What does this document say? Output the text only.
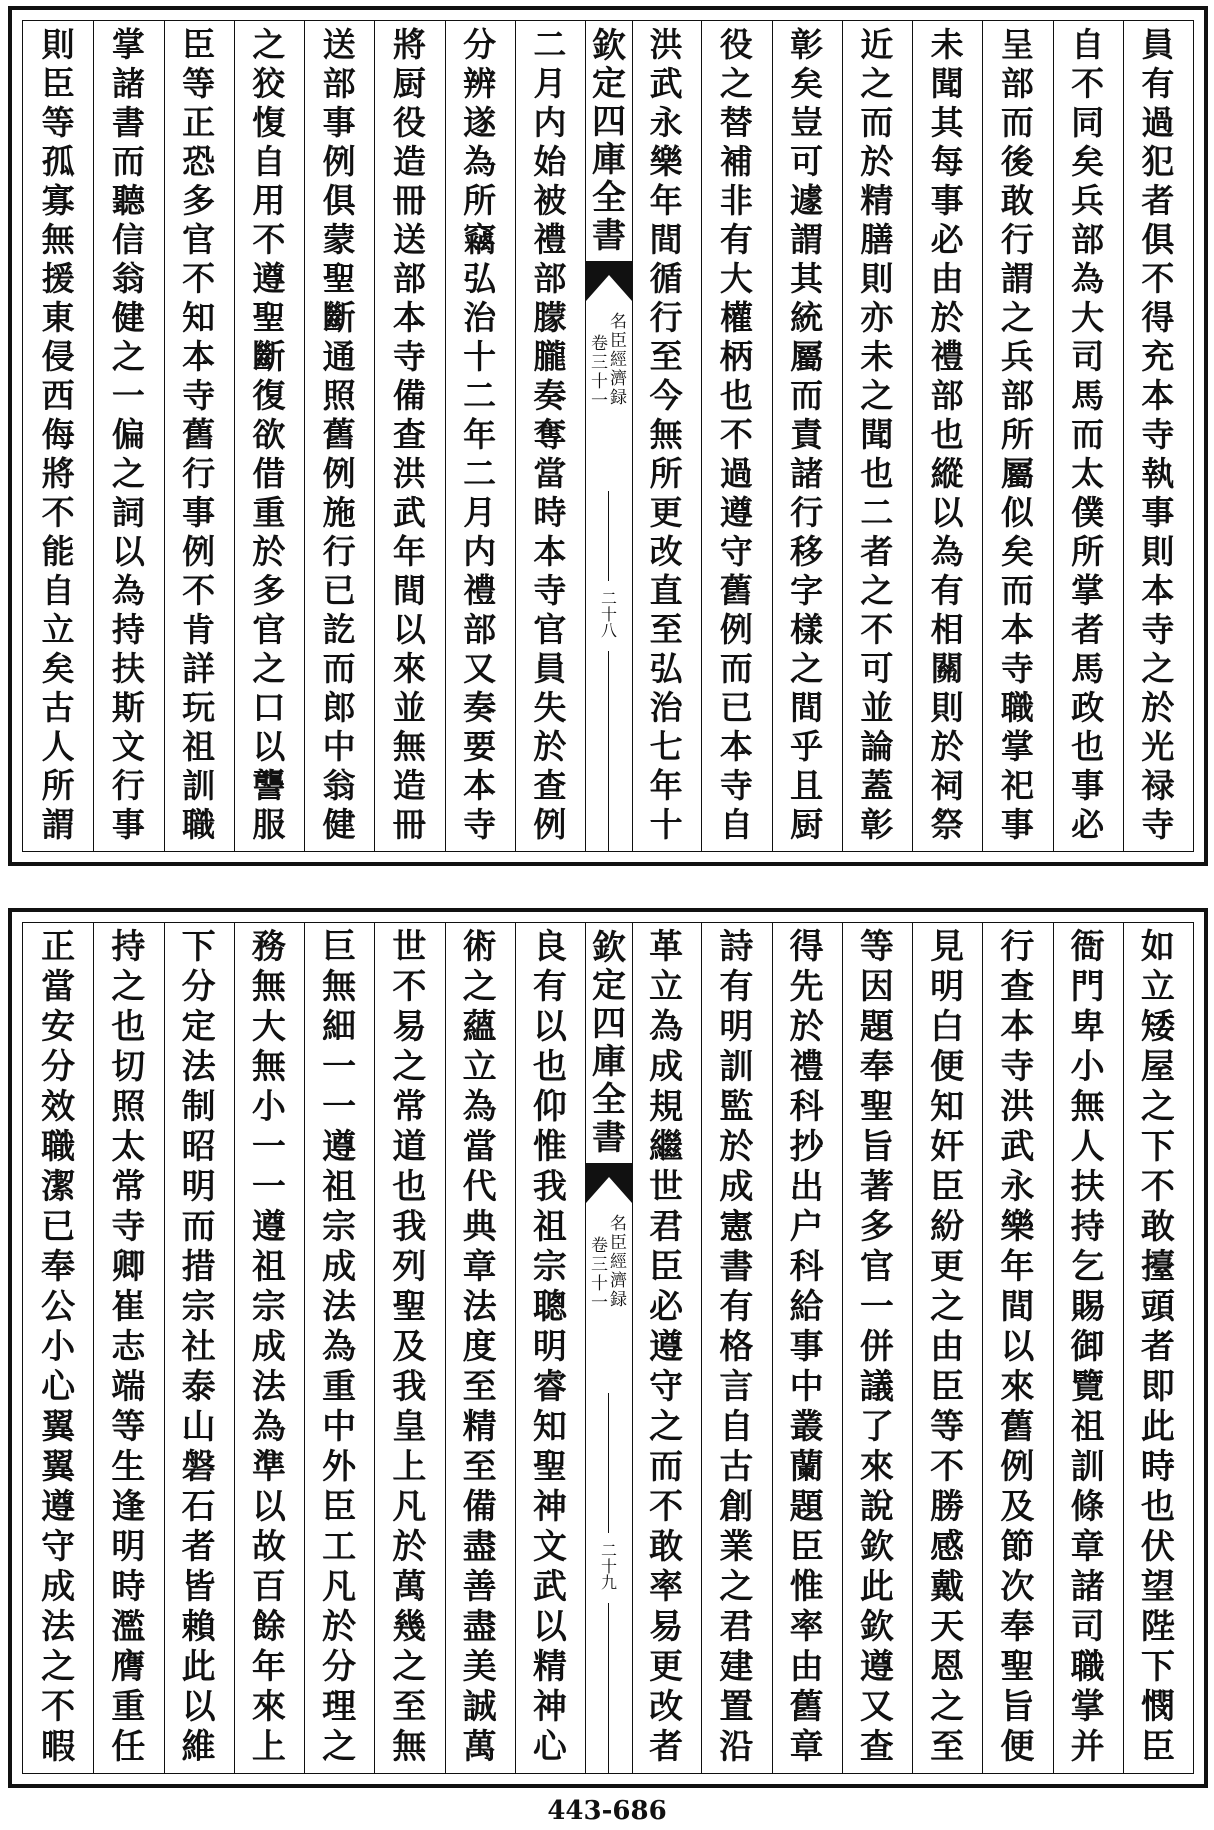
員
有
過
犯
者
俱
不
得
充
本
寺
執
事
則
本
寺
之
於
光
禄
寺
自
不
同
矣
兵
部
為
大
司
馬
而
太
僕
所
掌
者
馬
政
也
事
必
呈
部
而
後
敢
行
謂
之
兵
部
所
屬
似
矣
而
本
寺
職
掌
祀
事
未
聞
其
每
事
必
由
於
禮
部
也
縱
以
為
有
相
關
則
於
祠
祭
近
之
而
於
精
膳
則
亦
未
之
聞
也
二
者
之
不
可
並
論
蓋
彰
彰
矣
豈
可
遽
謂
其
統
屬
而
責
諸
行
移
字
樣
之
間
乎
且
厨
役
之
替
補
非
有
大
權
柄
也
不
過
遵
守
舊
例
而
已
本
寺
自
洪
武
永
樂
年
間
循
行
至
今
無
所
更
改
直
至
弘
治
七
年
十
二
月
内
始
被
禮
部
朦
朧
奏
奪
當
時
本
寺
官
員
失
於
查
例
分
辨
遂
為
所
竊
弘
治
十
二
年
二
月
内
禮
部
又
奏
要
本
寺
將
厨
役
造
冊
送
部
本
寺
備
查
洪
武
年
間
以
來
並
無
造
冊
送
部
事
例
俱
蒙
聖
斷
通
照
舊
例
施
行
已
訖
而
郎
中
翁
健
之
狡
愎
自
用
不
遵
聖
斷
復
欲
借
重
於
多
官
之
口
以
讋
服
臣
等
正
恐
多
官
不
知
本
寺
舊
行
事
例
不
肯
詳
玩
祖
訓
職
掌
諸
書
而
聽
信
翁
健
之
一
偏
之
詞
以
為
持
扶
斯
文
行
事
則
臣
等
孤
寡
無
援
東
侵
西
侮
將
不
能
自
立
矣
古
人
所
謂
欽
定
四
庫
全
書
名
臣
經
濟
録
卷
三
十
一
二
十
八
如
立
矮
屋
之
下
不
敢
擡
頭
者
即
此
時
也
伏
望
陛
下
憫
臣
衙
門
卑
小
無
人
扶
持
乞
賜
御
覽
祖
訓
條
章
諸
司
職
掌
并
行
查
本
寺
洪
武
永
樂
年
間
以
來
舊
例
及
節
次
奉
聖
旨
便
見
明
白
便
知
奸
臣
紛
更
之
由
臣
等
不
勝
感
戴
天
恩
之
至
等
因
題
奉
聖
旨
著
多
官
一
併
議
了
來
說
欽
此
欽
遵
又
查
得
先
於
禮
科
抄
出
户
科
給
事
中
叢
蘭
題
臣
惟
率
由
舊
章
詩
有
明
訓
監
於
成
憲
書
有
格
言
自
古
創
業
之
君
建
置
沿
革
立
為
成
規
繼
世
君
臣
必
遵
守
之
而
不
敢
率
易
更
改
者
良
有
以
也
仰
惟
我
祖
宗
聰
明
睿
知
聖
神
文
武
以
精
神
心
術
之
蘊
立
為
當
代
典
章
法
度
至
精
至
備
盡
善
盡
美
誠
萬
世
不
易
之
常
道
也
我
列
聖
及
我
皇
上
凡
於
萬
幾
之
至
無
巨
無
細
一
一
遵
祖
宗
成
法
為
重
中
外
臣
工
凡
於
分
理
之
務
無
大
無
小
一
一
遵
祖
宗
成
法
為
準
以
故
百
餘
年
來
上
下
分
定
法
制
昭
明
而
措
宗
社
泰
山
磐
石
者
皆
賴
此
以
維
持
之
也
切
照
太
常
寺
卿
崔
志
端
等
生
逢
明
時
濫
膺
重
任
正
當
安
分
效
職
潔
已
奉
公
小
心
翼
翼
遵
守
成
法
之
不
暇
欽
定
四
庫
全
書
名
臣
經
濟
録
卷
三
十
一
二
十
九
443-686
